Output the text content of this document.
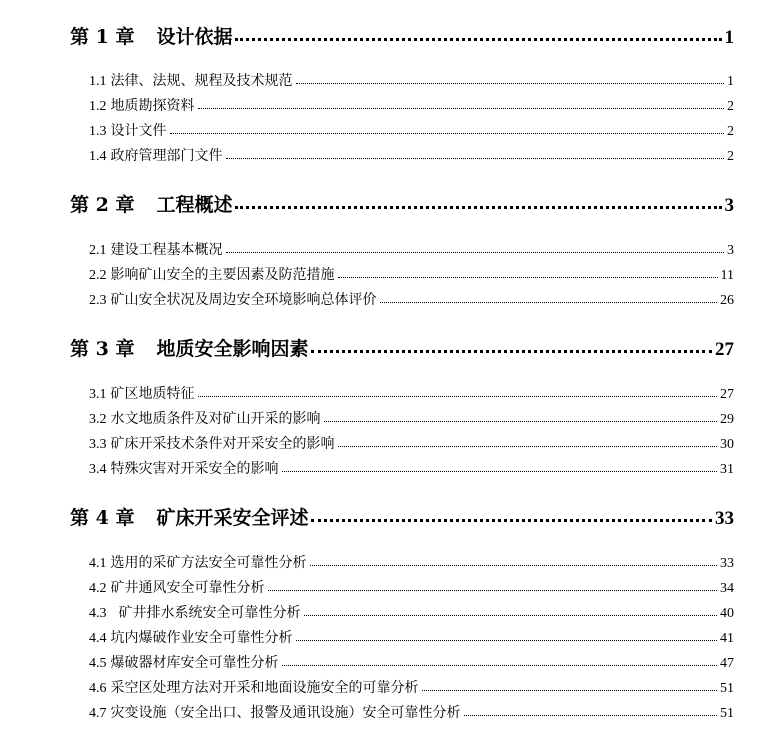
第 1 章 设计依据	1
1.1 法律、法规、规程及技术规范	1
1.2 地质勘探资料	2
1.3 设计文件	2
1.4 政府管理部门文件	2
第 2 章 工程概述	3
2.1 建设工程基本概况	3
2.2 影响矿山安全的主要因素及防范措施	11
2.3 矿山安全状况及周边安全环境影响总体评价	26
第 3 章 地质安全影响因素	27
3.1 矿区地质特征	27
3.2 水文地质条件及对矿山开采的影响	29
3.3 矿床开采技术条件对开采安全的影响	30
3.4 特殊灾害对开采安全的影响	31
第 4 章 矿床开采安全评述	33
4.1 选用的采矿方法安全可靠性分析	33
4.2 矿井通风安全可靠性分析	34
4.3 矿井排水系统安全可靠性分析	40
4.4 坑内爆破作业安全可靠性分析	41
4.5 爆破器材库安全可靠性分析	47
4.6 采空区处理方法对开采和地面设施安全的可靠分析	51
4.7 灾变设施（安全出口、报警及通讯设施）安全可靠性分析	51
